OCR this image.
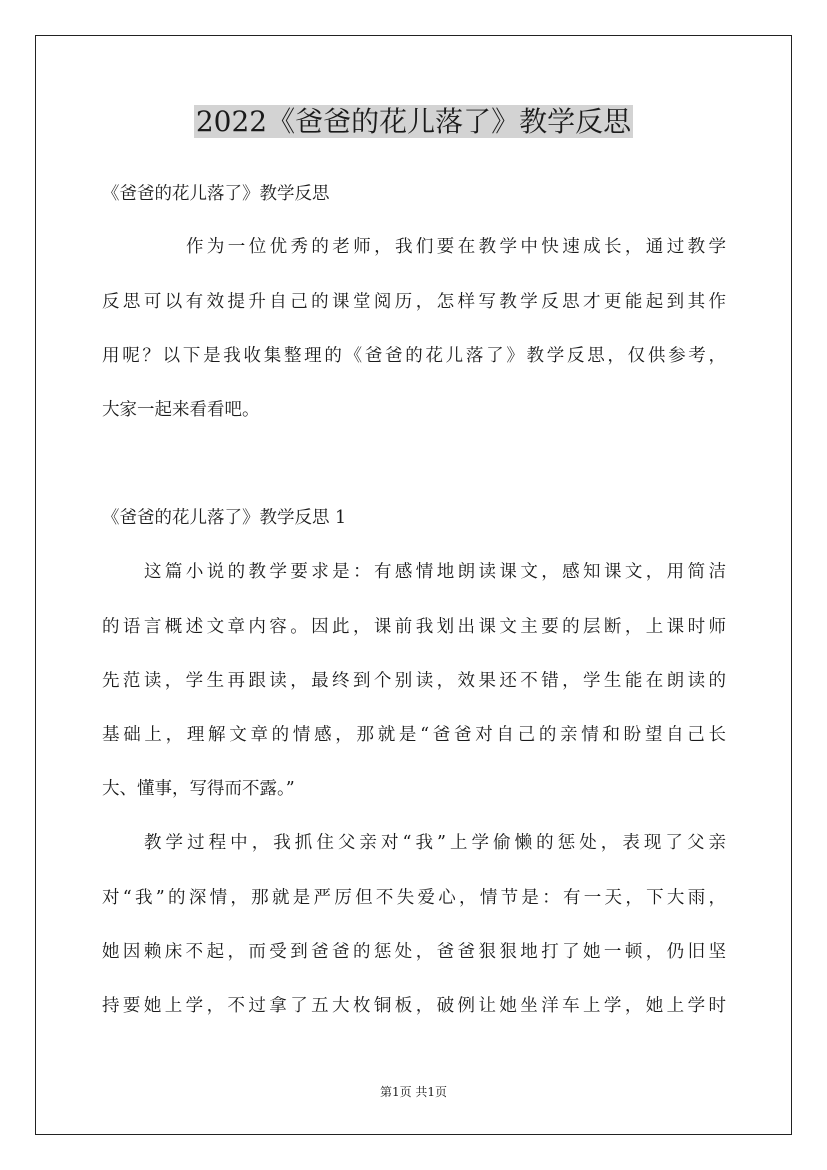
2022《爸爸的花儿落了》教学反思
《爸爸的花儿落了》教学反思
作为一位优秀的老师，我们要在教学中快速成长，通过教学
反思可以有效提升自己的课堂阅历，怎样写教学反思才更能起到其作
用呢？以下是我收集整理的《爸爸的花儿落了》教学反思，仅供参考，
大家一起来看看吧。
《爸爸的花儿落了》教学反思 1
这篇小说的教学要求是：有感情地朗读课文，感知课文，用简洁
的语言概述文章内容。因此，课前我划出课文主要的层断，上课时师
先范读，学生再跟读，最终到个别读，效果还不错，学生能在朗读的
基础上，理解文章的情感，那就是“爸爸对自己的亲情和盼望自己长
大、懂事，写得而不露。”
教学过程中，我抓住父亲对“我”上学偷懒的惩处，表现了父亲
对“我”的深情，那就是严厉但不失爱心，情节是：有一天，下大雨，
她因赖床不起，而受到爸爸的惩处，爸爸狠狠地打了她一顿，仍旧坚
持要她上学，不过拿了五大枚铜板，破例让她坐洋车上学，她上学时
第1页 共1页
